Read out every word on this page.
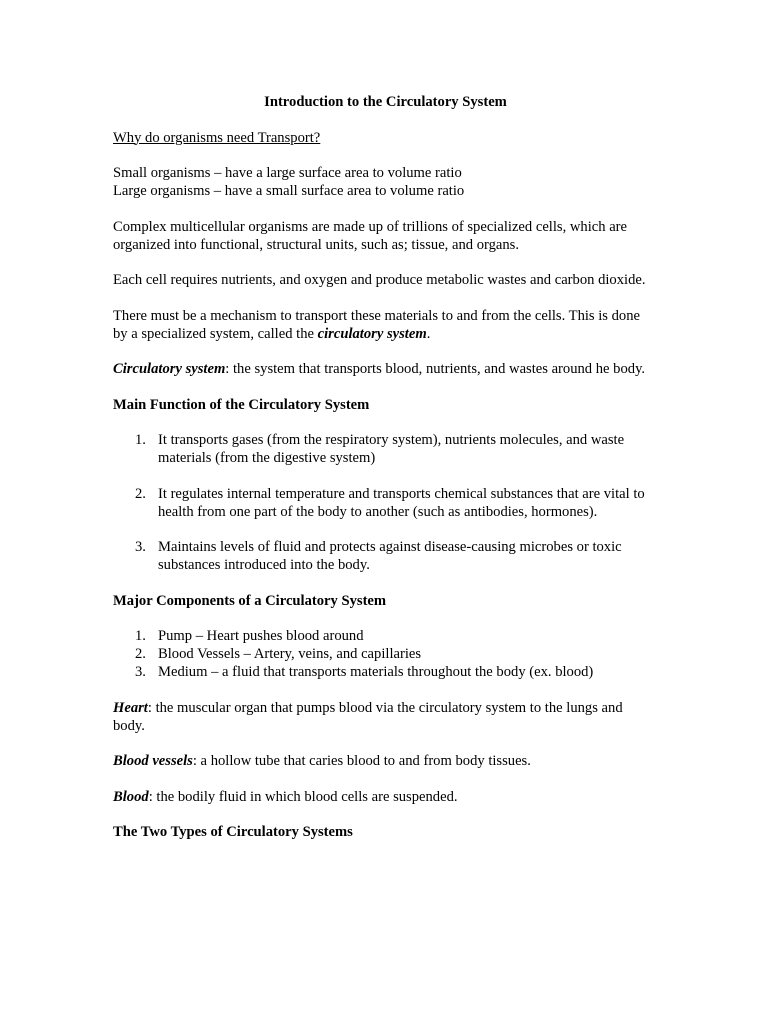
Introduction to the Circulatory System

Why do organisms need Transport?

Small organisms – have a large surface area to volume ratio

Large organisms – have a small surface area to volume ratio

Complex multicellular organisms are made up of trillions of specialized cells, which are organized into functional, structural units, such as; tissue, and organs.

Each cell requires nutrients, and oxygen and produce metabolic wastes and carbon dioxide.

There must be a mechanism to transport these materials to and from the cells. This is done by a specialized system, called the circulatory system.

Circulatory system: the system that transports blood, nutrients, and wastes around he body.

Main Function of the Circulatory System

1. It transports gases (from the respiratory system), nutrients molecules, and waste materials (from the digestive system)
2. It regulates internal temperature and transports chemical substances that are vital to health from one part of the body to another (such as antibodies, hormones).
3. Maintains levels of fluid and protects against disease-causing microbes or toxic substances introduced into the body.

Major Components of a Circulatory System

1. Pump – Heart pushes blood around
2. Blood Vessels – Artery, veins, and capillaries
3. Medium – a fluid that transports materials throughout the body (ex. blood)

Heart: the muscular organ that pumps blood via the circulatory system to the lungs and body.

Blood vessels: a hollow tube that caries blood to and from body tissues.

Blood: the bodily fluid in which blood cells are suspended.

The Two Types of Circulatory Systems
